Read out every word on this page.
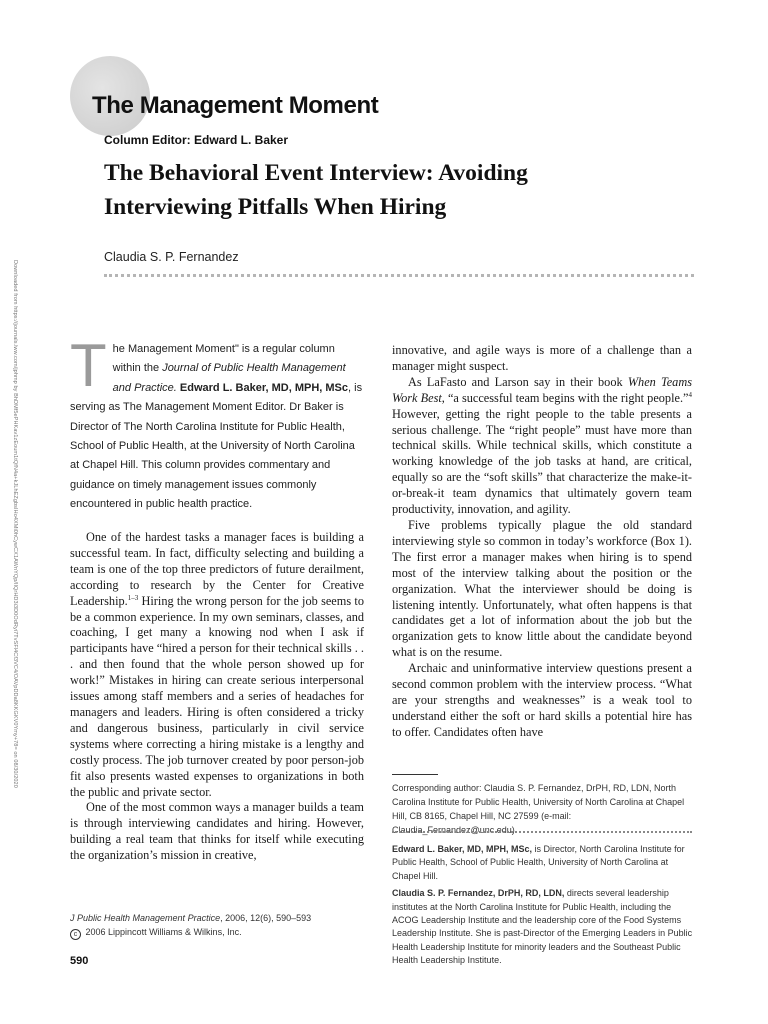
Downloaded from https://journals.lww.com/jphmp by BhDMf5ePHKav1zEoum1tQfN4a+kJLhEZgbsIHo4XMi0hCywCX1AWnYQp/IlQrHD3i3D0OdRyi7TvSFl4Cf3VC4/OAVpDDa8KKGKV0Ymy+78= on 08/30/2020
The Management Moment
Column Editor: Edward L. Baker
The Behavioral Event Interview: Avoiding
Interviewing Pitfalls When Hiring
Claudia S. P. Fernandez
T he Management Moment" is a regular column within the Journal of Public Health Management and Practice. Edward L. Baker, MD, MPH, MSc, is serving as The Management Moment Editor. Dr Baker is Director of The North Carolina Institute for Public Health, School of Public Health, at the University of North Carolina at Chapel Hill. This column provides commentary and guidance on timely management issues commonly encountered in public health practice.

One of the hardest tasks a manager faces is building a successful team. In fact, difficulty selecting and building a team is one of the top three predictors of future derailment, according to research by the Center for Creative Leadership.$^{1-3}$ Hiring the wrong person for the job seems to be a common experience. In my own seminars, classes, and coaching, I get many a knowing nod when I ask if participants have “hired a person for their technical skills . . . and then found that the whole person showed up for work!” Mistakes in hiring can create serious interpersonal issues among staff members and a series of headaches for managers and leaders. Hiring is often considered a tricky and dangerous business, particularly in civil service systems where correcting a hiring mistake is a lengthy and costly process. The job turnover created by poor person-job fit also presents wasted expenses to organizations in both the public and private sector.

One of the most common ways a manager builds a team is through interviewing candidates and hiring. However, building a real team that thinks for itself while executing the organization’s mission in creative,

innovative, and agile ways is more of a challenge than a manager might suspect.

As LaFasto and Larson say in their book When Teams Work Best, “a successful team begins with the right people.”$^4$ However, getting the right people to the table presents a serious challenge. The “right people” must have more than technical skills. While technical skills, which constitute a working knowledge of the job tasks at hand, are critical, equally so are the “soft skills” that characterize the make-it-or-break-it team dynamics that ultimately govern team productivity, innovation, and agility.

Five problems typically plague the old standard interviewing style so common in today’s workforce (Box 1). The first error a manager makes when hiring is to spend most of the interview talking about the position or the organization. What the interviewer should be doing is listening intently. Unfortunately, what often happens is that candidates get a lot of information about the job but the organization gets to know little about the candidate beyond what is on the resume.

Archaic and uninformative interview questions present a second common problem with the interview process. “What are your strengths and weaknesses” is a weak tool to understand either the soft or hard skills a potential hire has to offer. Candidates often have

Corresponding author: Claudia S. P. Fernandez, DrPH, RD, LDN, North Carolina Institute for Public Health, University of North Carolina at Chapel Hill, CB 8165, Chapel Hill, NC 27599 (e-mail: Claudia_Fernandez@unc.edu).

Edward L. Baker, MD, MPH, MSc, is Director, North Carolina Institute for Public Health, School of Public Health, University of North Carolina at Chapel Hill.

Claudia S. P. Fernandez, DrPH, RD, LDN, directs several leadership institutes at the North Carolina Institute for Public Health, including the ACOG Leadership Institute and the leadership core of the Food Systems Leadership Institute. She is past-Director of the Emerging Leaders in Public Health Leadership Institute for minority leaders and the Southeast Public Health Leadership Institute.

J Public Health Management Practice, 2006, 12(6), 590–593
c 2006 Lippincott Williams & Wilkins, Inc.
590
